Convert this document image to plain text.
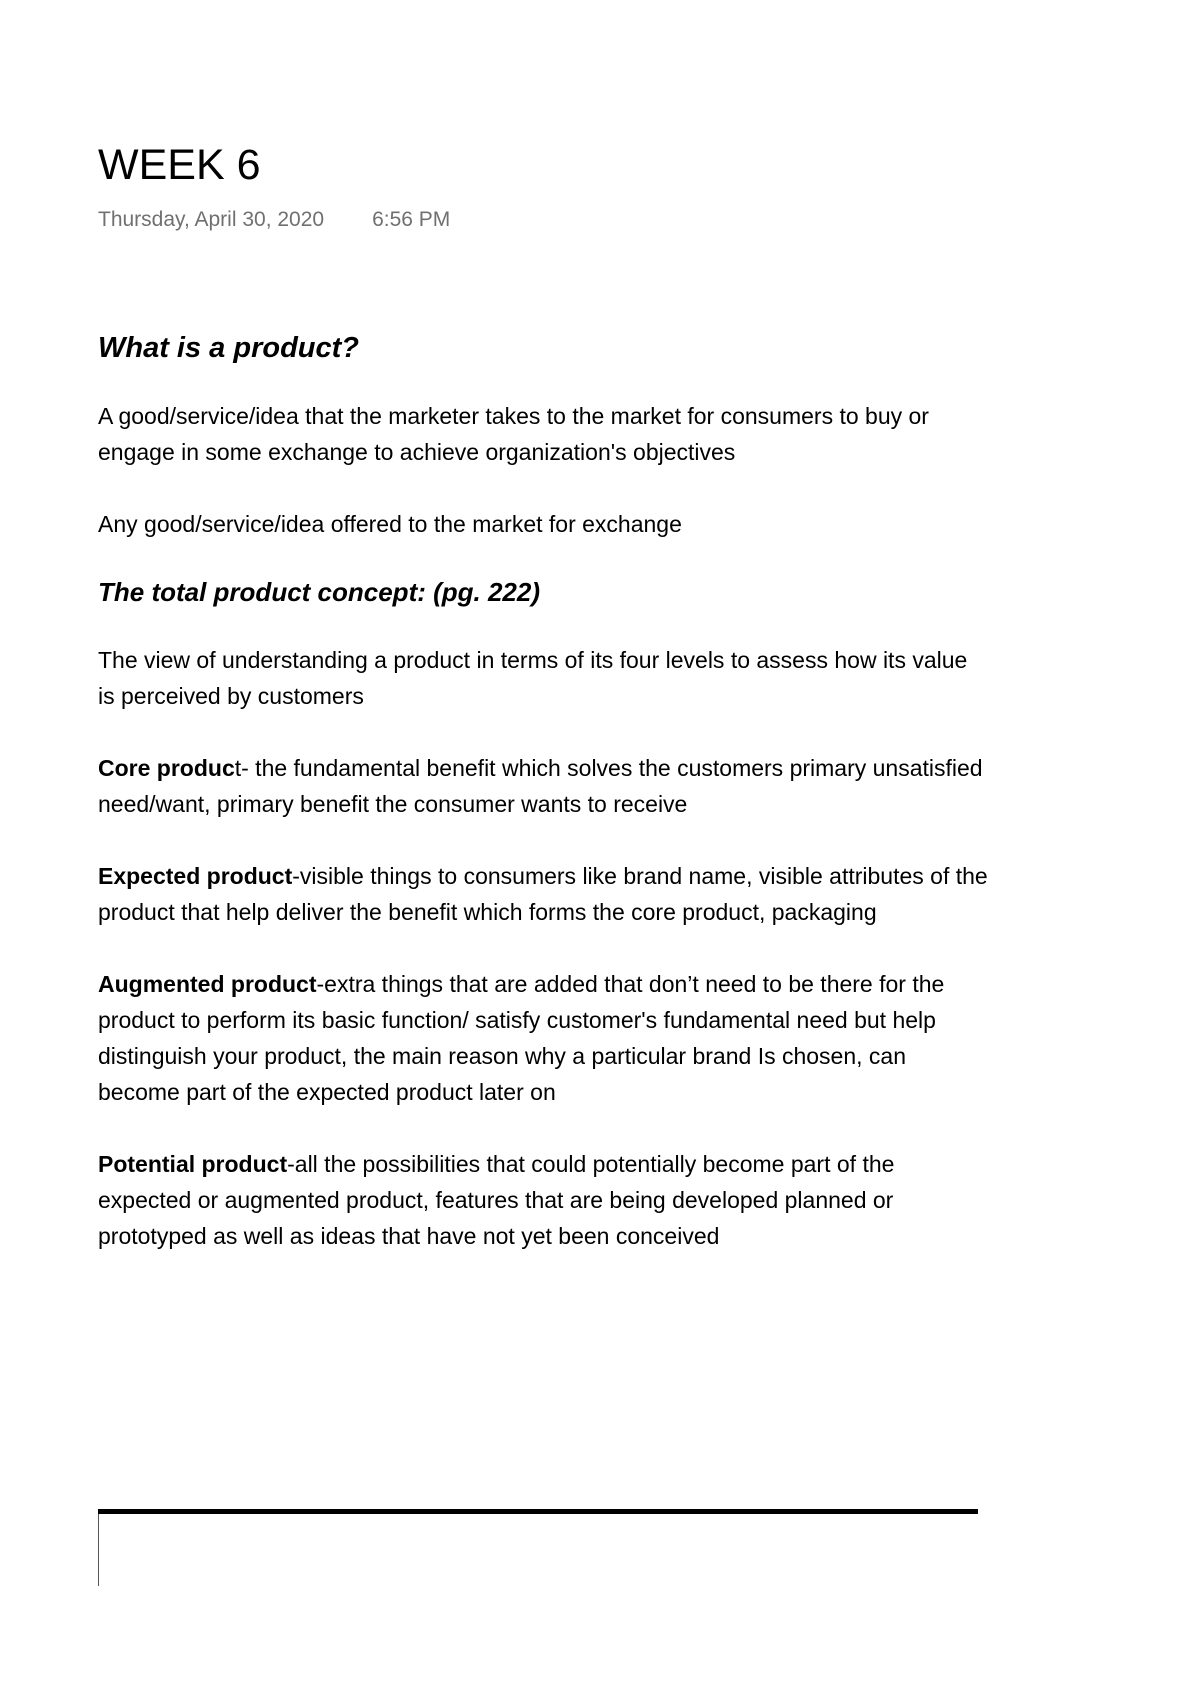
WEEK 6
Thursday, April 30, 2020 6:56 PM

What is a product?

A good/service/idea that the marketer takes to the market for consumers to buy or engage in some exchange to achieve organization's objectives

Any good/service/idea offered to the market for exchange

The total product concept: (pg. 222)

The view of understanding a product in terms of its four levels to assess how its value is perceived by customers

Core product- the fundamental benefit which solves the customers primary unsatisfied need/want, primary benefit the consumer wants to receive

Expected product-visible things to consumers like brand name, visible attributes of the product that help deliver the benefit which forms the core product, packaging

Augmented product-extra things that are added that don’t need to be there for the product to perform its basic function/ satisfy customer's fundamental need but help distinguish your product, the main reason why a particular brand Is chosen, can become part of the expected product later on

Potential product-all the possibilities that could potentially become part of the expected or augmented product, features that are being developed planned or prototyped as well as ideas that have not yet been conceived
